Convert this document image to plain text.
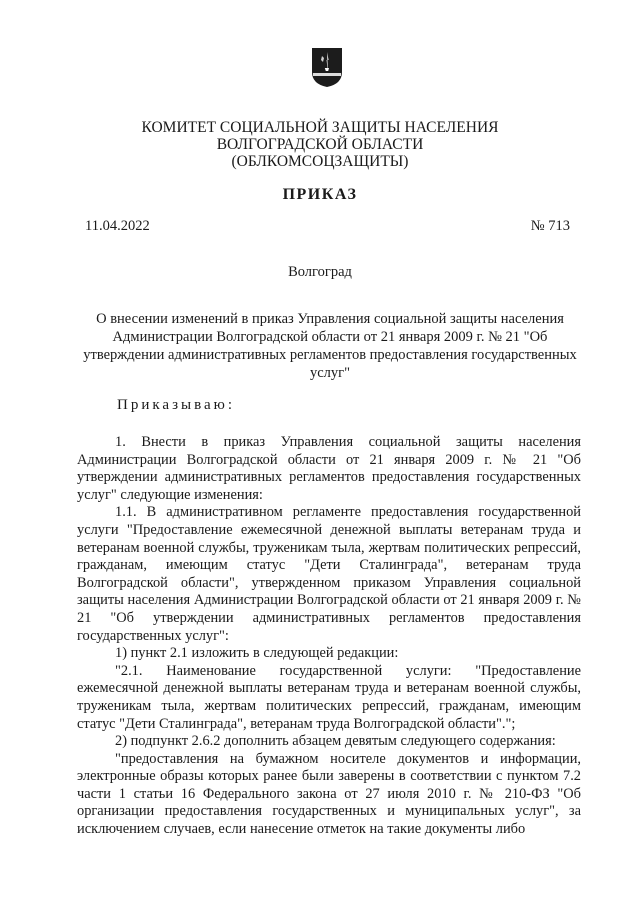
КОМИТЕТ СОЦИАЛЬНОЙ ЗАЩИТЫ НАСЕЛЕНИЯ
ВОЛГОГРАДСКОЙ ОБЛАСТИ
(ОБЛКОМСОЦЗАЩИТЫ)
ПРИКАЗ
11.04.2022	№ 713
Волгоград
О внесении изменений в приказ Управления социальной защиты населения Администрации Волгоградской области от 21 января 2009 г. № 21 "Об утверждении административных регламентов предоставления государственных услуг"
Приказываю:

1. Внести в приказ Управления социальной защиты населения Администрации Волгоградской области от 21 января 2009 г. № 21 "Об утверждении административных регламентов предоставления государственных услуг" следующие изменения:

1.1. В административном регламенте предоставления государственной услуги "Предоставление ежемесячной денежной выплаты ветеранам труда и ветеранам военной службы, труженикам тыла, жертвам политических репрессий, гражданам, имеющим статус "Дети Сталинграда", ветеранам труда Волгоградской области", утвержденном приказом Управления социальной защиты населения Администрации Волгоградской области от 21 января 2009 г. № 21 "Об утверждении административных регламентов предоставления государственных услуг":

1) пункт 2.1 изложить в следующей редакции:

"2.1. Наименование государственной услуги: "Предоставление ежемесячной денежной выплаты ветеранам труда и ветеранам военной службы, труженикам тыла, жертвам политических репрессий, гражданам, имеющим статус "Дети Сталинграда", ветеранам труда Волгоградской области".";

2) подпункт 2.6.2 дополнить абзацем девятым следующего содержания:

"предоставления на бумажном носителе документов и информации, электронные образы которых ранее были заверены в соответствии с пунктом 7.2 части 1 статьи 16 Федерального закона от 27 июля 2010 г. № 210-ФЗ "Об организации предоставления государственных и муниципальных услуг", за исключением случаев, если нанесение отметок на такие документы либо
